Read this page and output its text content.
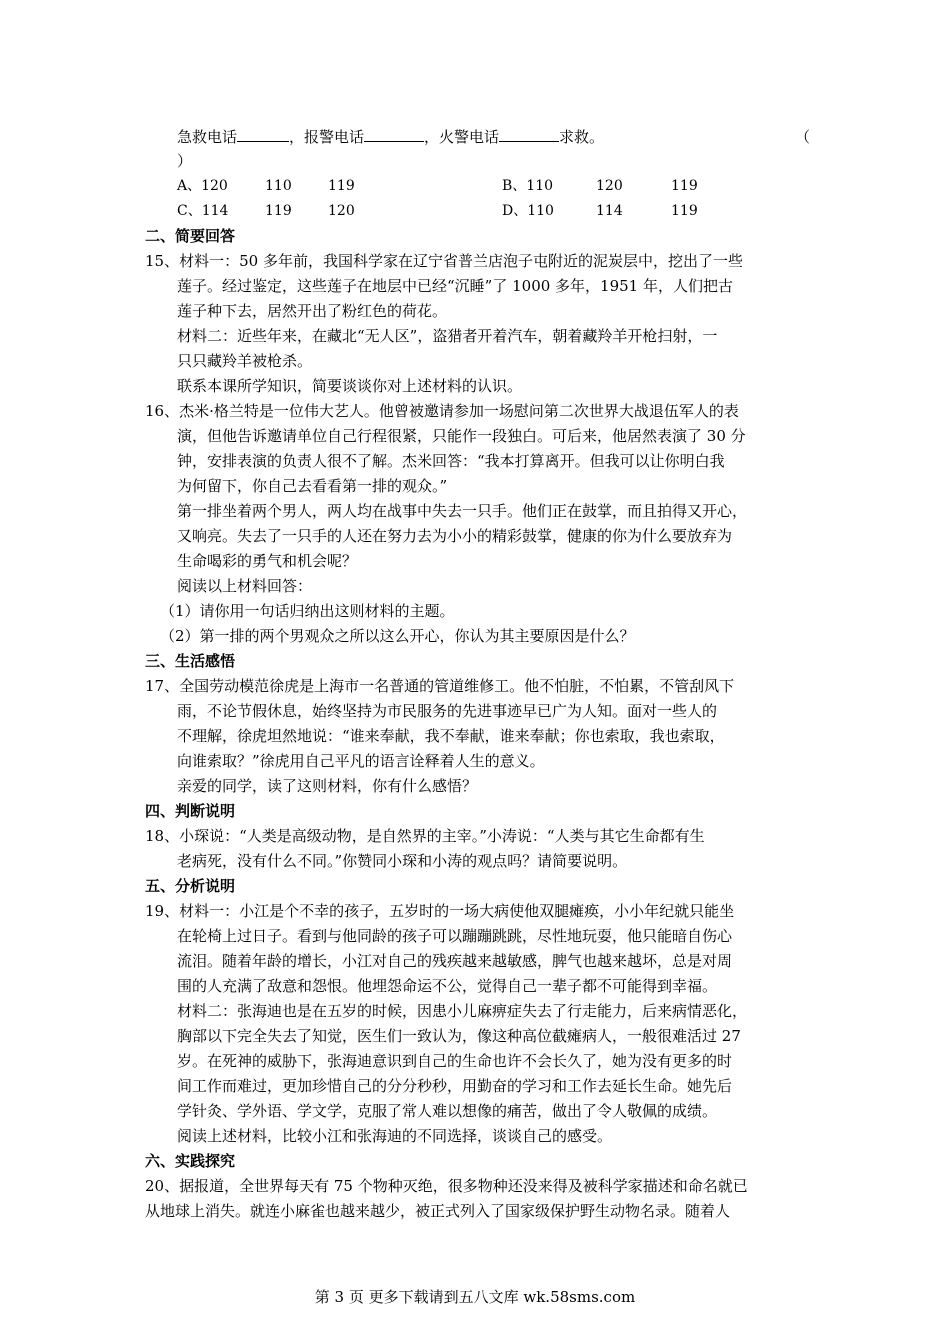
急救电话	，报警电话	，火警电话	求救。	（
）
A、120	110	119	B、110	120	119
C、114	119	120	D、110	114	119
二、简要回答
15、材料一：50 多年前，我国科学家在辽宁省普兰店泡子屯附近的泥炭层中，挖出了一些
莲子。经过鉴定，这些莲子在地层中已经“沉睡”了 1000 多年，1951 年，人们把古
莲子种下去，居然开出了粉红色的荷花。
材料二：近些年来，在藏北“无人区”，盗猎者开着汽车，朝着藏羚羊开枪扫射，一
只只藏羚羊被枪杀。
联系本课所学知识，简要谈谈你对上述材料的认识。
16、杰米·格兰特是一位伟大艺人。他曾被邀请参加一场慰问第二次世界大战退伍军人的表
演，但他告诉邀请单位自己行程很紧，只能作一段独白。可后来，他居然表演了 30 分
钟，安排表演的负责人很不了解。杰米回答：“我本打算离开。但我可以让你明白我
为何留下，你自己去看看第一排的观众。”
第一排坐着两个男人，两人均在战事中失去一只手。他们正在鼓掌，而且拍得又开心，
又响亮。失去了一只手的人还在努力去为小小的精彩鼓掌，健康的你为什么要放弃为
生命喝彩的勇气和机会呢？
阅读以上材料回答：
（1）请你用一句话归纳出这则材料的主题。
（2）第一排的两个男观众之所以这么开心，你认为其主要原因是什么？
三、生活感悟
17、全国劳动模范徐虎是上海市一名普通的管道维修工。他不怕脏，不怕累，不管刮风下
雨，不论节假休息，始终坚持为市民服务的先进事迹早已广为人知。面对一些人的
不理解，徐虎坦然地说：“谁来奉献，我不奉献，谁来奉献；你也索取，我也索取，
向谁索取？”徐虎用自己平凡的语言诠释着人生的意义。
亲爱的同学，读了这则材料，你有什么感悟？
四、判断说明
18、小琛说：“人类是高级动物，是自然界的主宰。”小涛说：“人类与其它生命都有生
老病死，没有什么不同。”你赞同小琛和小涛的观点吗？请简要说明。
五、分析说明
19、材料一：小江是个不幸的孩子，五岁时的一场大病使他双腿瘫痪，小小年纪就只能坐
在轮椅上过日子。看到与他同龄的孩子可以蹦蹦跳跳，尽性地玩耍，他只能暗自伤心
流泪。随着年龄的增长，小江对自己的残疾越来越敏感，脾气也越来越坏，总是对周
围的人充满了敌意和怨恨。他埋怨命运不公，觉得自己一辈子都不可能得到幸福。
材料二：张海迪也是在五岁的时候，因患小儿麻痹症失去了行走能力，后来病情恶化，
胸部以下完全失去了知觉，医生们一致认为，像这种高位截瘫病人，一般很难活过 27
岁。在死神的威胁下，张海迪意识到自己的生命也许不会长久了，她为没有更多的时
间工作而难过，更加珍惜自己的分分秒秒，用勤奋的学习和工作去延长生命。她先后
学针灸、学外语、学文学，克服了常人难以想像的痛苦，做出了令人敬佩的成绩。
阅读上述材料，比较小江和张海迪的不同选择，谈谈自己的感受。
六、实践探究
20、据报道，全世界每天有 75 个物种灭绝，很多物种还没来得及被科学家描述和命名就已
从地球上消失。就连小麻雀也越来越少，被正式列入了国家级保护野生动物名录。随着人
第 3 页 更多下载请到五八文库 wk.58sms.com
